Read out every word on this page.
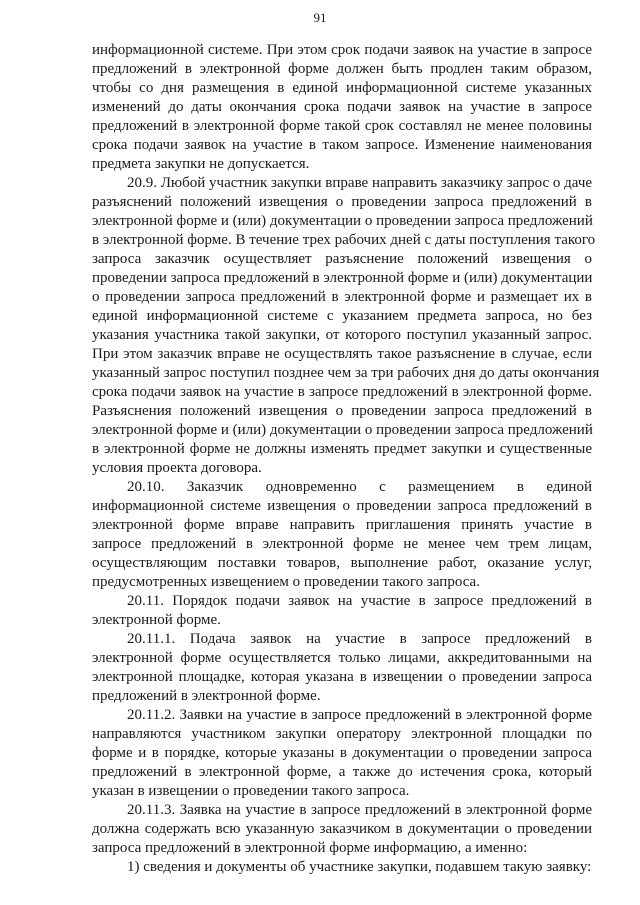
91
информационной системе. При этом срок подачи заявок на участие в запросе
предложений в электронной форме должен быть продлен таким образом,
чтобы со дня размещения в единой информационной системе указанных
изменений до даты окончания срока подачи заявок на участие в запросе
предложений в электронной форме такой срок составлял не менее половины
срока подачи заявок на участие в таком запросе. Изменение наименования
предмета закупки не допускается.
20.9. Любой участник закупки вправе направить заказчику запрос о даче
разъяснений положений извещения о проведении запроса предложений в
электронной форме и (или) документации о проведении запроса предложений
в электронной форме. В течение трех рабочих дней с даты поступления такого
запроса заказчик осуществляет разъяснение положений извещения о
проведении запроса предложений в электронной форме и (или) документации
о проведении запроса предложений в электронной форме и размещает их в
единой информационной системе с указанием предмета запроса, но без
указания участника такой закупки, от которого поступил указанный запрос.
При этом заказчик вправе не осуществлять такое разъяснение в случае, если
указанный запрос поступил позднее чем за три рабочих дня до даты окончания
срока подачи заявок на участие в запросе предложений в электронной форме.
Разъяснения положений извещения о проведении запроса предложений в
электронной форме и (или) документации о проведении запроса предложений
в электронной форме не должны изменять предмет закупки и существенные
условия проекта договора.
20.10. Заказчик одновременно с размещением в единой
информационной системе извещения о проведении запроса предложений в
электронной форме вправе направить приглашения принять участие в
запросе предложений в электронной форме не менее чем трем лицам,
осуществляющим поставки товаров, выполнение работ, оказание услуг,
предусмотренных извещением о проведении такого запроса.
20.11. Порядок подачи заявок на участие в запросе предложений в
электронной форме.
20.11.1. Подача заявок на участие в запросе предложений в
электронной форме осуществляется только лицами, аккредитованными на
электронной площадке, которая указана в извещении о проведении запроса
предложений в электронной форме.
20.11.2. Заявки на участие в запросе предложений в электронной форме
направляются участником закупки оператору электронной площадки по
форме и в порядке, которые указаны в документации о проведении запроса
предложений в электронной форме, а также до истечения срока, который
указан в извещении о проведении такого запроса.
20.11.3. Заявка на участие в запросе предложений в электронной форме
должна содержать всю указанную заказчиком в документации о проведении
запроса предложений в электронной форме информацию, а именно:
1) сведения и документы об участнике закупки, подавшем такую заявку:
